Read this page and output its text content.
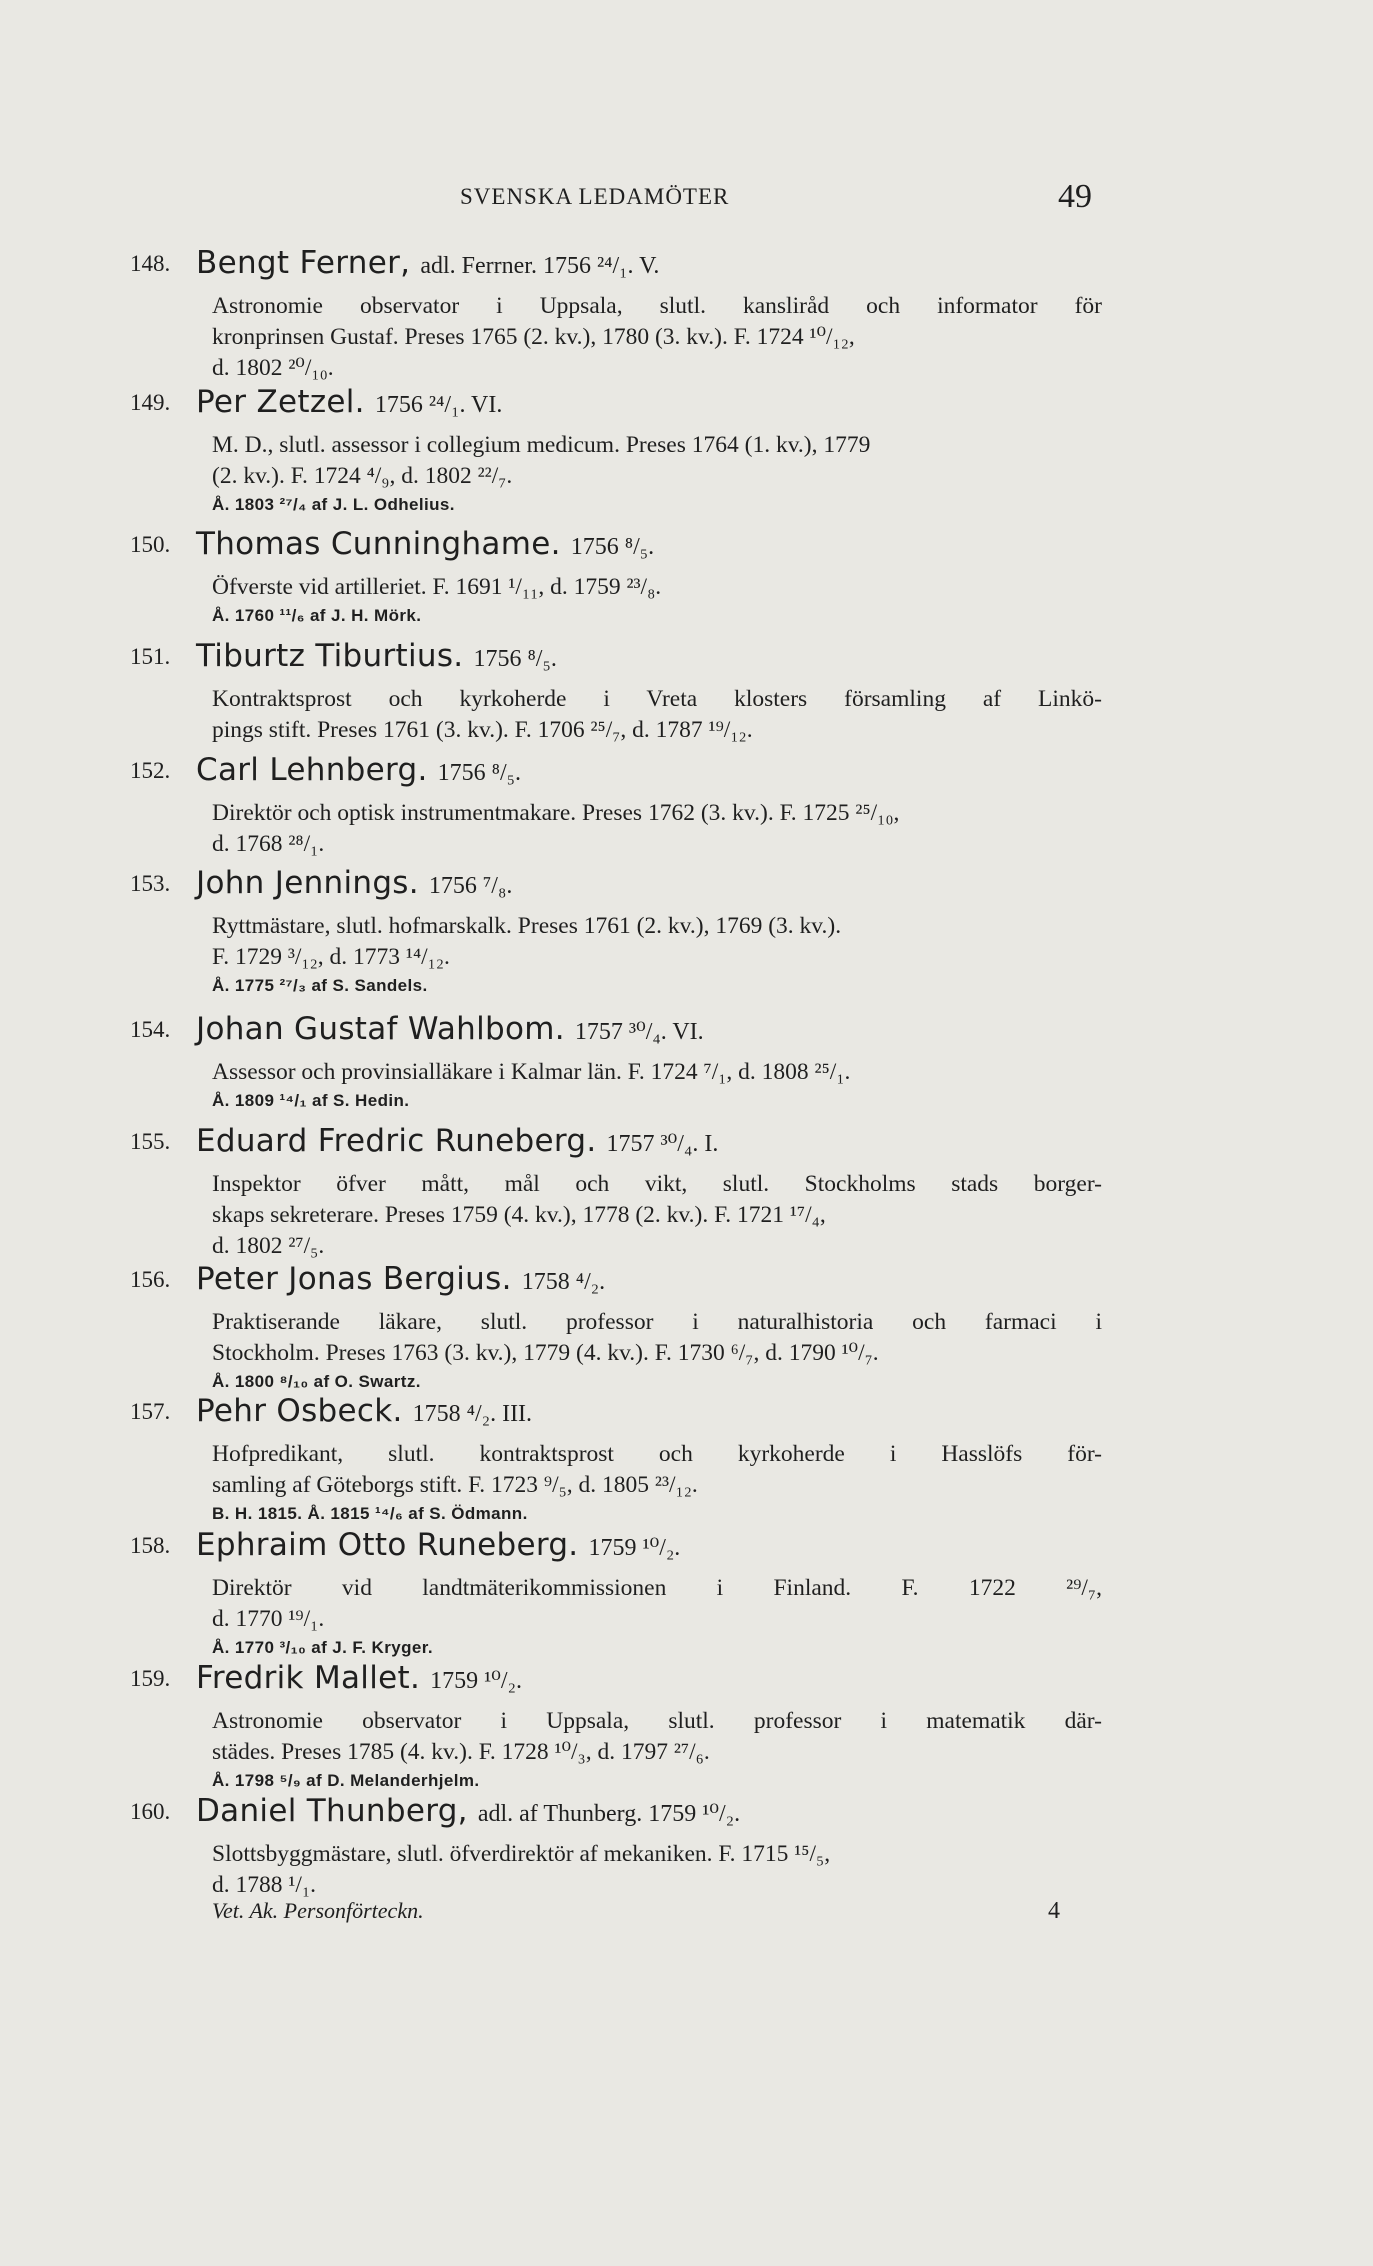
SVENSKA LEDAMÖTER	49
148. Bengt Ferner, adl. Ferrner. 1756 ²⁴/₁. V.
Astronomie observator i Uppsala, slutl. kansliråd och informator för
kronprinsen Gustaf. Preses 1765 (2. kv.), 1780 (3. kv.). F. 1724 ¹⁰/₁₂,
d. 1802 ²⁰/₁₀.
149. Per Zetzel. 1756 ²⁴/₁. VI.
M. D., slutl. assessor i collegium medicum. Preses 1764 (1. kv.), 1779
(2. kv.). F. 1724 ⁴/₉, d. 1802 ²²/₇.
Å. 1803 ²⁷/₄ af J. L. Odhelius.
150. Thomas Cunninghame. 1756 ⁸/₅.
Öfverste vid artilleriet. F. 1691 ¹/₁₁, d. 1759 ²³/₈.
Å. 1760 ¹¹/₆ af J. H. Mörk.
151. Tiburtz Tiburtius. 1756 ⁸/₅.
Kontraktsprost och kyrkoherde i Vreta klosters församling af Linkö-
pings stift. Preses 1761 (3. kv.). F. 1706 ²⁵/₇, d. 1787 ¹⁹/₁₂.
152. Carl Lehnberg. 1756 ⁸/₅.
Direktör och optisk instrumentmakare. Preses 1762 (3. kv.). F. 1725 ²⁵/₁₀,
d. 1768 ²⁸/₁.
153. John Jennings. 1756 ⁷/₈.
Ryttmästare, slutl. hofmarskalk. Preses 1761 (2. kv.), 1769 (3. kv.).
F. 1729 ³/₁₂, d. 1773 ¹⁴/₁₂.
Å. 1775 ²⁷/₃ af S. Sandels.
154. Johan Gustaf Wahlbom. 1757 ³⁰/₄. VI.
Assessor och provinsialläkare i Kalmar län. F. 1724 ⁷/₁, d. 1808 ²⁵/₁.
Å. 1809 ¹⁴/₁ af S. Hedin.
155. Eduard Fredric Runeberg. 1757 ³⁰/₄. I.
Inspektor öfver mått, mål och vikt, slutl. Stockholms stads borger-
skaps sekreterare. Preses 1759 (4. kv.), 1778 (2. kv.). F. 1721 ¹⁷/₄,
d. 1802 ²⁷/₅.
156. Peter Jonas Bergius. 1758 ⁴/₂.
Praktiserande läkare, slutl. professor i naturalhistoria och farmaci i
Stockholm. Preses 1763 (3. kv.), 1779 (4. kv.). F. 1730 ⁶/₇, d. 1790 ¹⁰/₇.
Å. 1800 ⁸/₁₀ af O. Swartz.
157. Pehr Osbeck. 1758 ⁴/₂. III.
Hofpredikant, slutl. kontraktsprost och kyrkoherde i Hasslöfs för-
samling af Göteborgs stift. F. 1723 ⁹/₅, d. 1805 ²³/₁₂.
B. H. 1815. Å. 1815 ¹⁴/₆ af S. Ödmann.
158. Ephraim Otto Runeberg. 1759 ¹⁰/₂.
Direktör vid landtmäterikommissionen i Finland. F. 1722 ²⁹/₇,
d. 1770 ¹⁹/₁.
Å. 1770 ³/₁₀ af J. F. Kryger.
159. Fredrik Mallet. 1759 ¹⁰/₂.
Astronomie observator i Uppsala, slutl. professor i matematik där-
städes. Preses 1785 (4. kv.). F. 1728 ¹⁰/₃, d. 1797 ²⁷/₆.
Å. 1798 ⁵/₉ af D. Melanderhjelm.
160. Daniel Thunberg, adl. af Thunberg. 1759 ¹⁰/₂.
Slottsbyggmästare, slutl. öfverdirektör af mekaniken. F. 1715 ¹⁵/₅,
d. 1788 ¹/₁.
Vet. Ak. Personförteckn.	4
